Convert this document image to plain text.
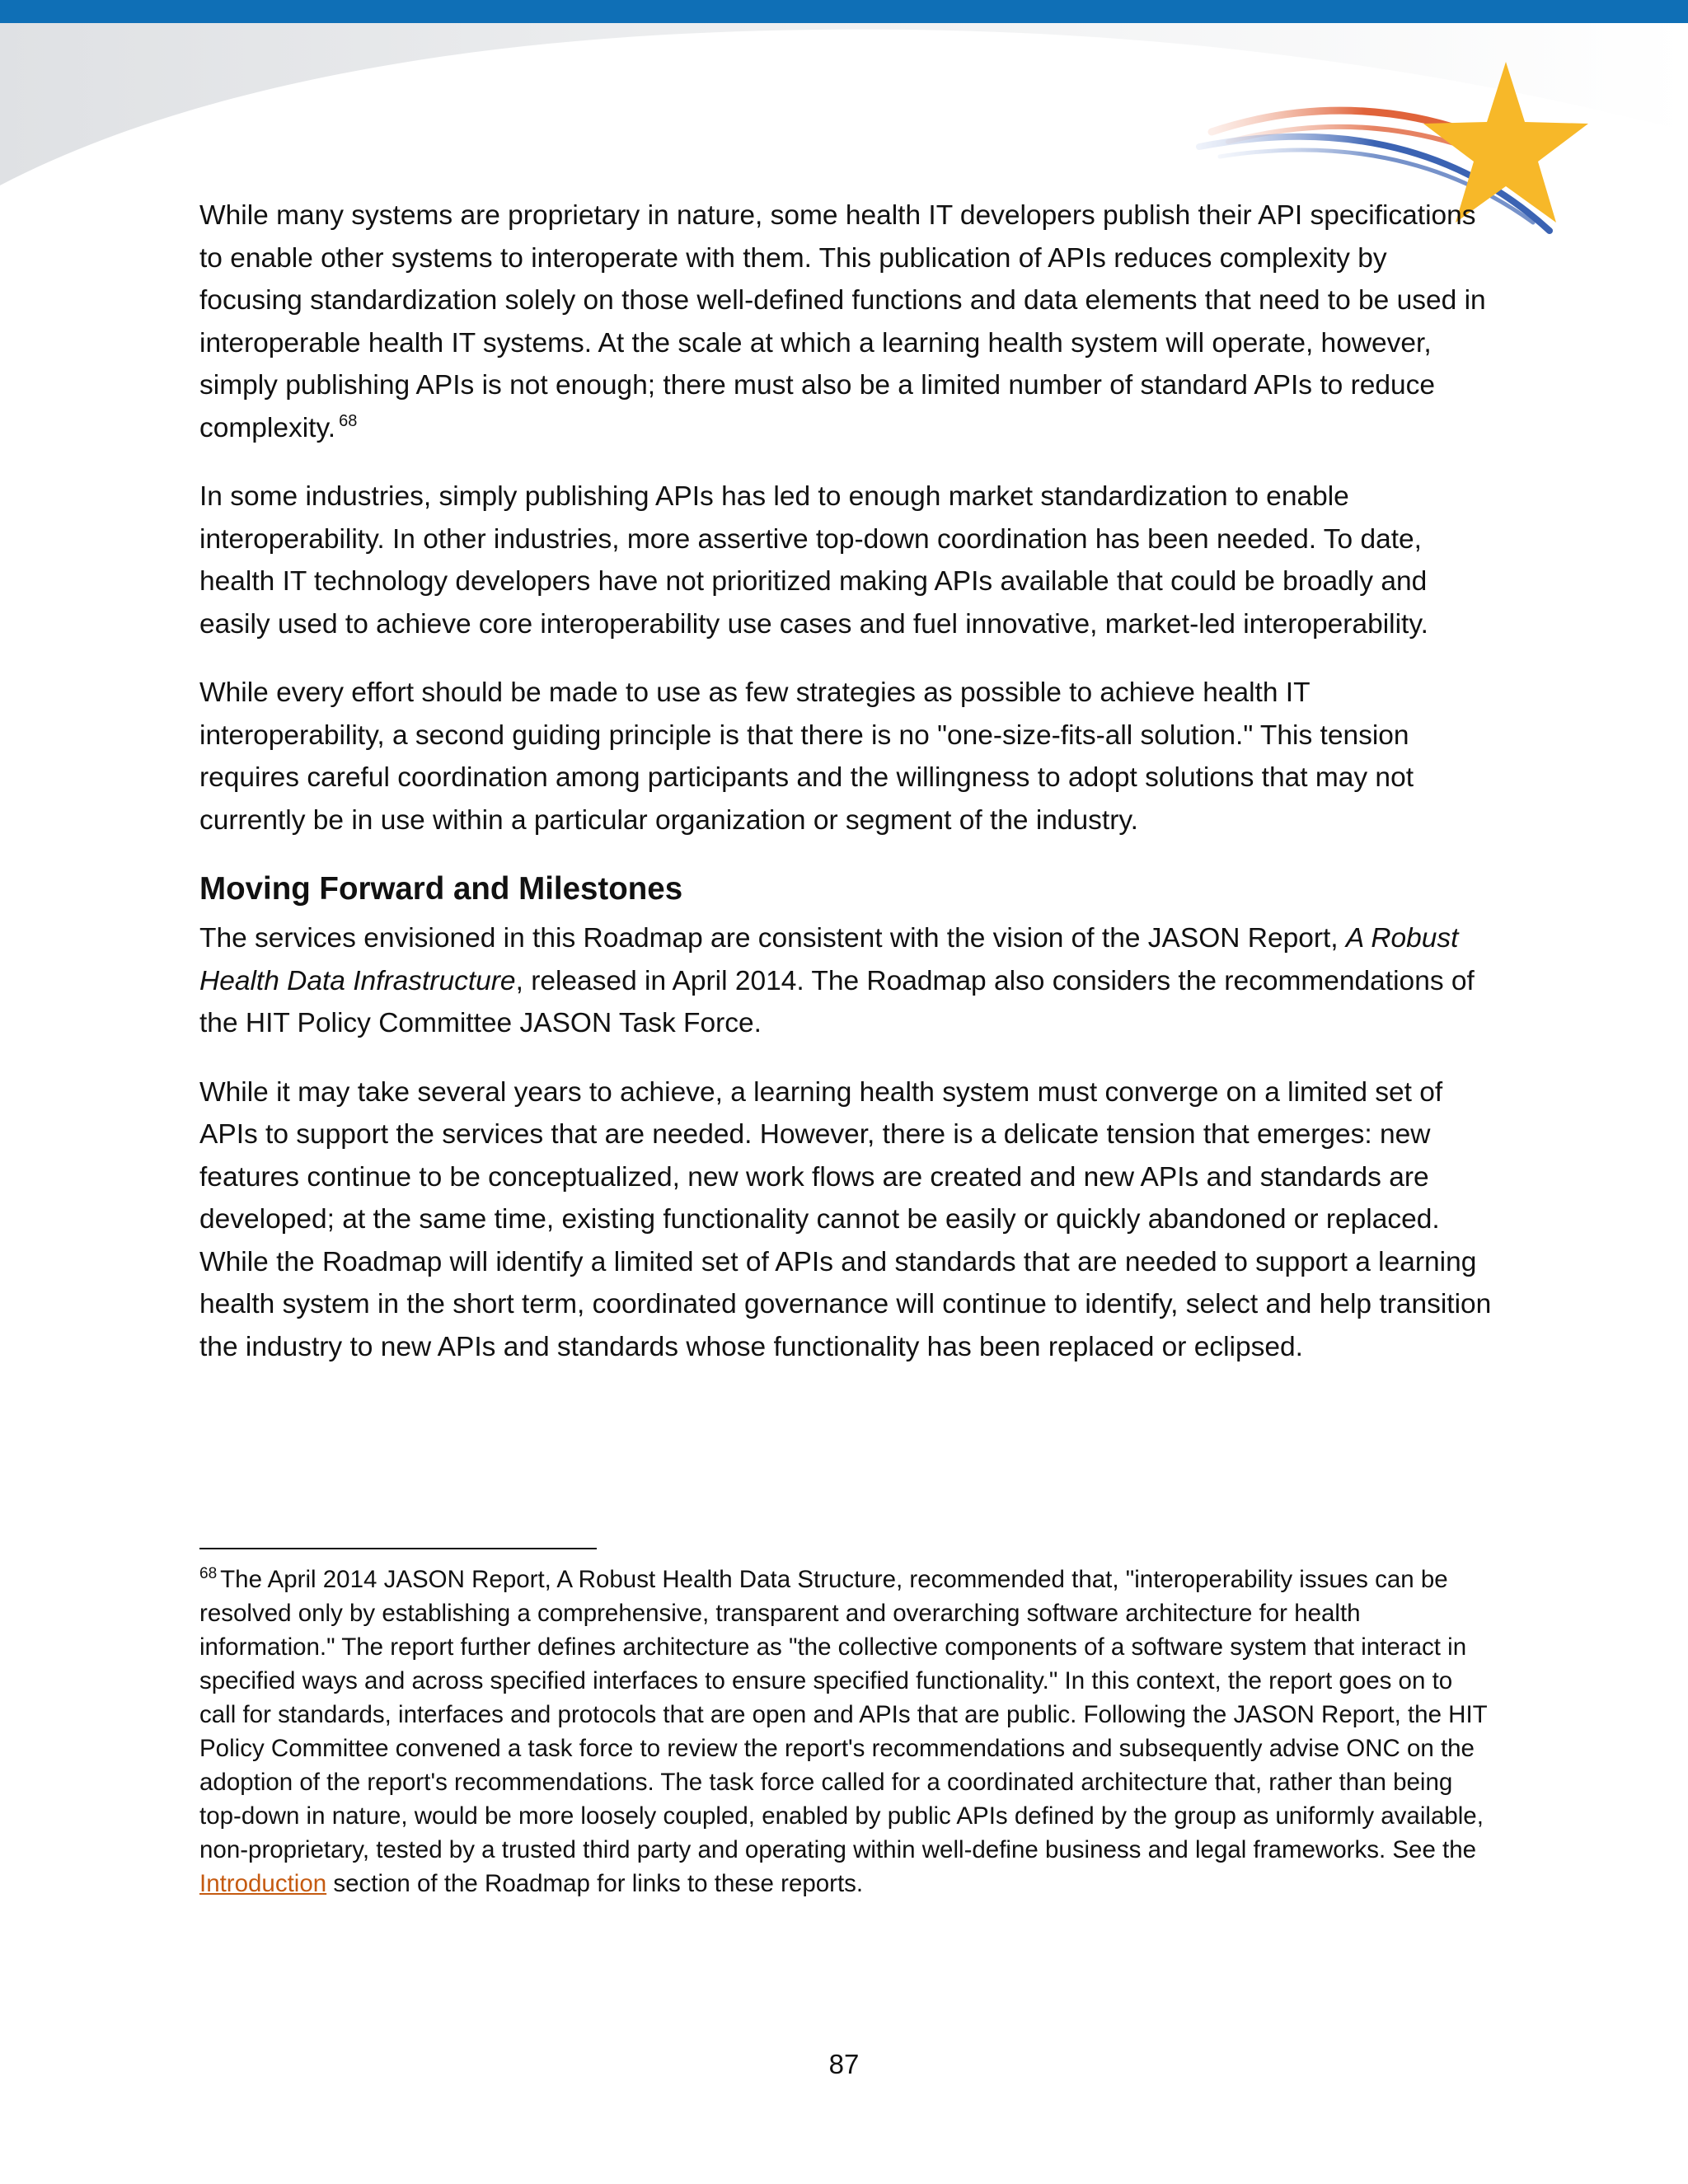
While many systems are proprietary in nature, some health IT developers publish their API specifications to enable other systems to interoperate with them. This publication of APIs reduces complexity by focusing standardization solely on those well-defined functions and data elements that need to be used in interoperable health IT systems. At the scale at which a learning health system will operate, however, simply publishing APIs is not enough; there must also be a limited number of standard APIs to reduce complexity. $^{68}$

In some industries, simply publishing APIs has led to enough market standardization to enable interoperability. In other industries, more assertive top-down coordination has been needed. To date, health IT technology developers have not prioritized making APIs available that could be broadly and easily used to achieve core interoperability use cases and fuel innovative, market-led interoperability.

While every effort should be made to use as few strategies as possible to achieve health IT interoperability, a second guiding principle is that there is no "one-size-fits-all solution." This tension requires careful coordination among participants and the willingness to adopt solutions that may not currently be in use within a particular organization or segment of the industry.

Moving Forward and Milestones

The services envisioned in this Roadmap are consistent with the vision of the JASON Report, A Robust Health Data Infrastructure, released in April 2014. The Roadmap also considers the recommendations of the HIT Policy Committee JASON Task Force.

While it may take several years to achieve, a learning health system must converge on a limited set of APIs to support the services that are needed. However, there is a delicate tension that emerges: new features continue to be conceptualized, new work flows are created and new APIs and standards are developed; at the same time, existing functionality cannot be easily or quickly abandoned or replaced. While the Roadmap will identify a limited set of APIs and standards that are needed to support a learning health system in the short term, coordinated governance will continue to identify, select and help transition the industry to new APIs and standards whose functionality has been replaced or eclipsed.

$^{68}$ The April 2014 JASON Report, A Robust Health Data Structure, recommended that, "interoperability issues can be resolved only by establishing a comprehensive, transparent and overarching software architecture for health information." The report further defines architecture as "the collective components of a software system that interact in specified ways and across specified interfaces to ensure specified functionality." In this context, the report goes on to call for standards, interfaces and protocols that are open and APIs that are public. Following the JASON Report, the HIT Policy Committee convened a task force to review the report's recommendations and subsequently advise ONC on the adoption of the report's recommendations. The task force called for a coordinated architecture that, rather than being top-down in nature, would be more loosely coupled, enabled by public APIs defined by the group as uniformly available, non-proprietary, tested by a trusted third party and operating within well-define business and legal frameworks. See the Introduction section of the Roadmap for links to these reports.
87
